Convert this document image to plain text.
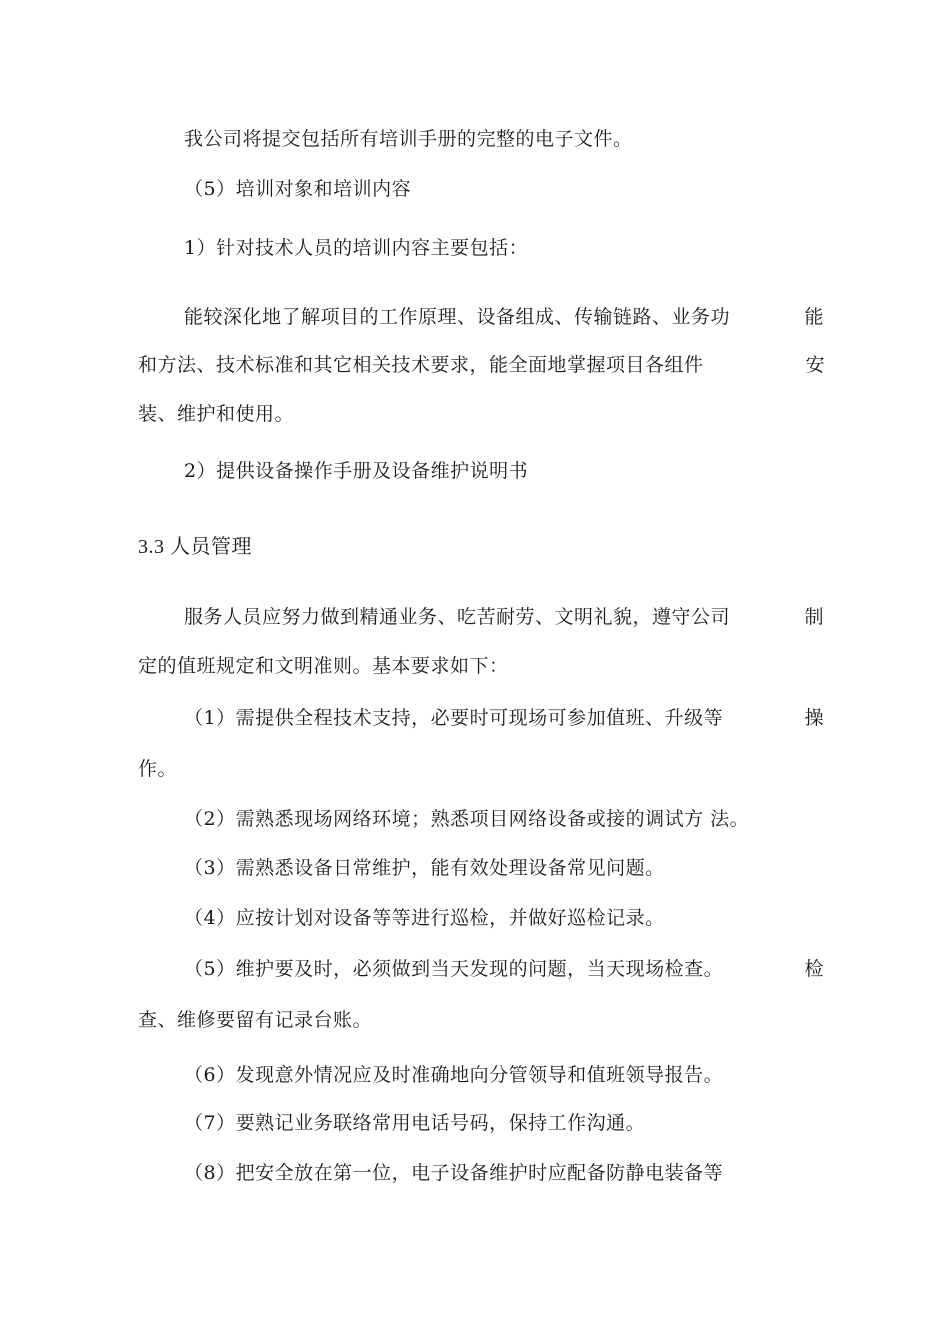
我公司将提交包括所有培训手册的完整的电子文件。
（5）培训对象和培训内容
1）针对技术人员的培训内容主要包括：
能较深化地了解项目的工作原理、设备组成、传输链路、业务功	能
和方法、技术标准和其它相关技术要求，能全面地掌握项目各组件	安
装、维护和使用。
2）提供设备操作手册及设备维护说明书
3.3 人员管理
服务人员应努力做到精通业务、吃苦耐劳、文明礼貌，遵守公司	制
定的值班规定和文明准则。基本要求如下：
（1）需提供全程技术支持，必要时可现场可参加值班、升级等	操
作。
（2）需熟悉现场网络环境；熟悉项目网络设备或接的调试方 法。
（3）需熟悉设备日常维护，能有效处理设备常见问题。
（4）应按计划对设备等等进行巡检，并做好巡检记录。
（5）维护要及时，必须做到当天发现的问题，当天现场检查。	检
查、维修要留有记录台账。
（6）发现意外情况应及时准确地向分管领导和值班领导报告。
（7）要熟记业务联络常用电话号码，保持工作沟通。
（8）把安全放在第一位，电子设备维护时应配备防静电装备等
